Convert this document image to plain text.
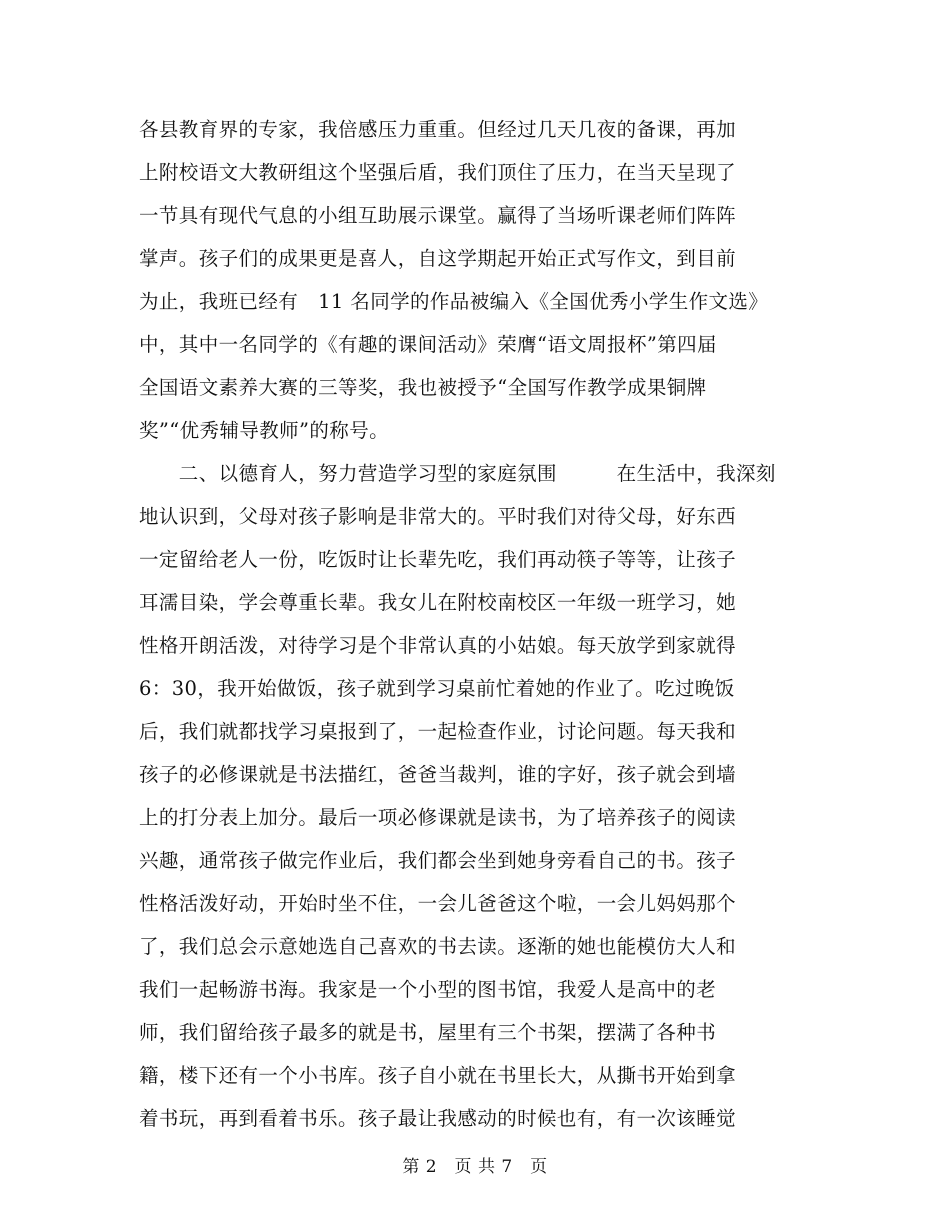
各县教育界的专家，我倍感压力重重。但经过几天几夜的备课，再加
上附校语文大教研组这个坚强后盾，我们顶住了压力，在当天呈现了
一节具有现代气息的小组互助展示课堂。赢得了当场听课老师们阵阵
掌声。孩子们的成果更是喜人，自这学期起开始正式写作文，到目前
为止，我班已经有　11 名同学的作品被编入《全国优秀小学生作文选》
中，其中一名同学的《有趣的课间活动》荣膺“语文周报杯”第四届
全国语文素养大赛的三等奖，我也被授予“全国写作教学成果铜牌
奖”“优秀辅导教师”的称号。
　　二、以德育人，努力营造学习型的家庭氛围　　　在生活中，我深刻
地认识到，父母对孩子影响是非常大的。平时我们对待父母，好东西
一定留给老人一份，吃饭时让长辈先吃，我们再动筷子等等，让孩子
耳濡目染，学会尊重长辈。我女儿在附校南校区一年级一班学习，她
性格开朗活泼，对待学习是个非常认真的小姑娘。每天放学到家就得
6：30，我开始做饭，孩子就到学习桌前忙着她的作业了。吃过晚饭
后，我们就都找学习桌报到了，一起检查作业，讨论问题。每天我和
孩子的必修课就是书法描红，爸爸当裁判，谁的字好，孩子就会到墙
上的打分表上加分。最后一项必修课就是读书，为了培养孩子的阅读
兴趣，通常孩子做完作业后，我们都会坐到她身旁看自己的书。孩子
性格活泼好动，开始时坐不住，一会儿爸爸这个啦，一会儿妈妈那个
了，我们总会示意她选自己喜欢的书去读。逐渐的她也能模仿大人和
我们一起畅游书海。我家是一个小型的图书馆，我爱人是高中的老
师，我们留给孩子最多的就是书，屋里有三个书架，摆满了各种书
籍，楼下还有一个小书库。孩子自小就在书里长大，从撕书开始到拿
着书玩，再到看着书乐。孩子最让我感动的时候也有，有一次该睡觉
第 2　页 共 7　页
